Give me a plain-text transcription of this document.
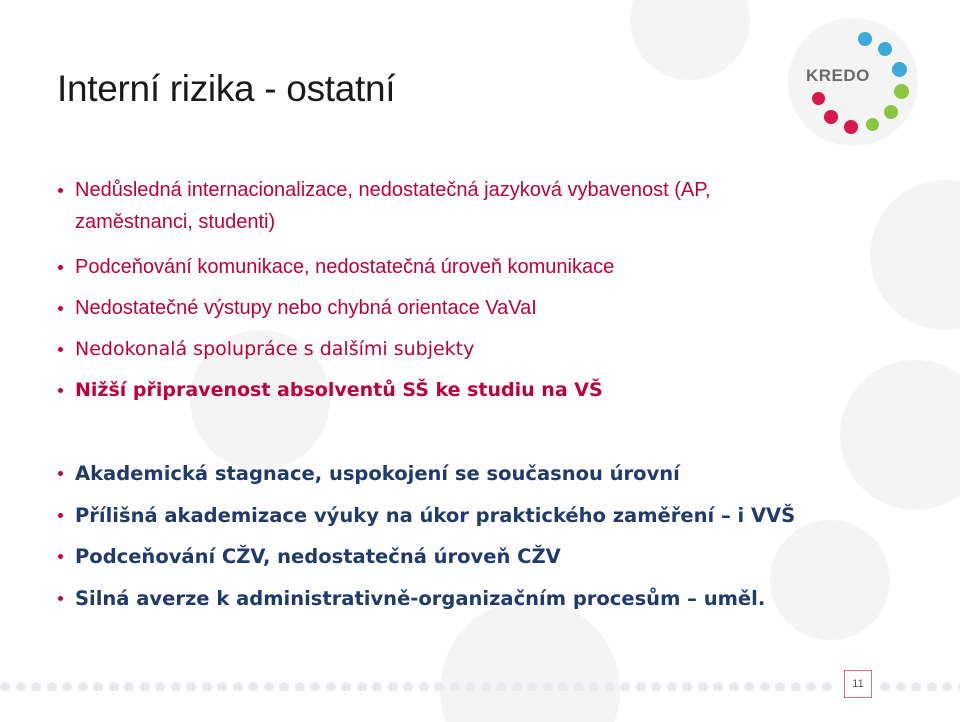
Interní rizika - ostatní	KREDO
Nedůsledná internacionalizace, nedostatečná jazyková vybavenost (AP,
zaměstnanci, studenti)
Podceňování komunikace, nedostatečná úroveň komunikace
Nedostatečné výstupy nebo chybná orientace VaVaI
Nedokonalá spolupráce s dalšími subjekty
Nižší připravenost absolventů SŠ ke studiu na VŠ
Akademická stagnace, uspokojení se současnou úrovní
Přílišná akademizace výuky na úkor praktického zaměření – i VVŠ
Podceňování CŽV, nedostatečná úroveň CŽV
Silná averze k administrativně-organizačním procesům – uměl.
11
